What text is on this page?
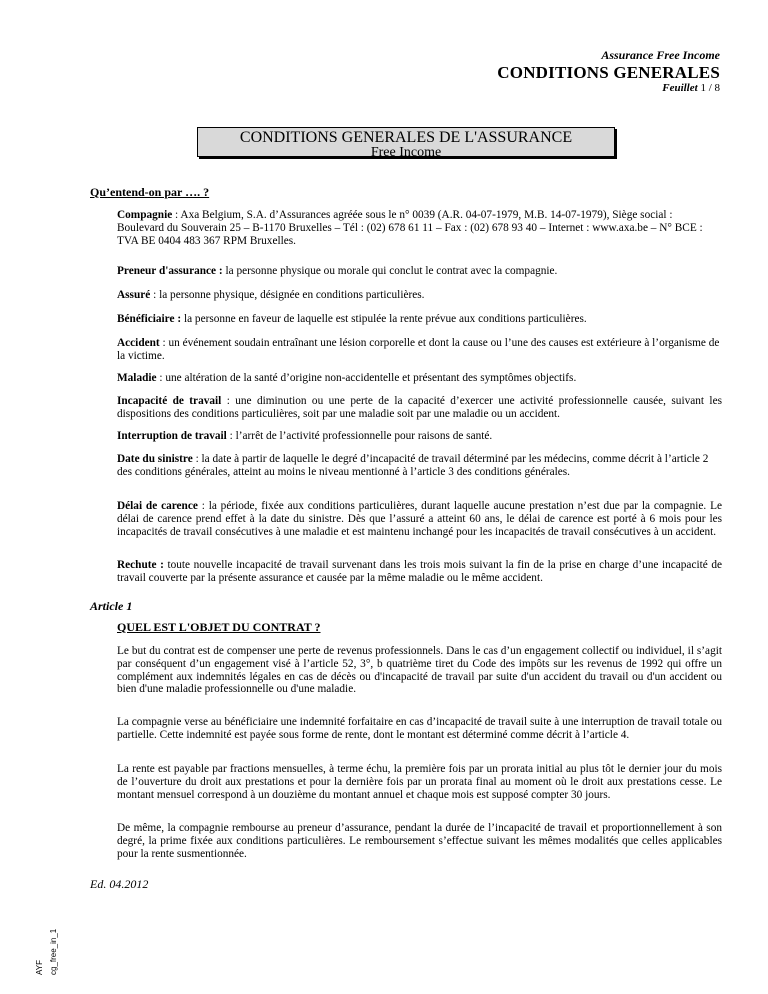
Assurance Free Income
CONDITIONS GENERALES
Feuillet 1 / 8
CONDITIONS GENERALES DE L'ASSURANCE
Free Income
Qu’entend-on par …. ?

Compagnie : Axa Belgium, S.A. d’Assurances agréée sous le n° 0039 (A.R. 04-07-1979, M.B. 14-07-1979), Siège social : Boulevard du Souverain 25 – B-1170 Bruxelles – Tél : (02) 678 61 11 – Fax : (02) 678 93 40 – Internet : www.axa.be – N° BCE : TVA BE 0404 483 367 RPM Bruxelles.

Preneur d'assurance : la personne physique ou morale qui conclut le contrat avec la compagnie.

Assuré : la personne physique, désignée en conditions particulières.

Bénéficiaire : la personne en faveur de laquelle est stipulée la rente prévue aux conditions particulières.

Accident : un événement soudain entraînant une lésion corporelle et dont la cause ou l’une des causes est extérieure à l’organisme de la victime.

Maladie : une altération de la santé d’origine non-accidentelle et présentant des symptômes objectifs.

Incapacité de travail : une diminution ou une perte de la capacité d’exercer une activité professionnelle causée, suivant les dispositions des conditions particulières, soit par une maladie soit par une maladie ou un accident.

Interruption de travail : l’arrêt de l’activité professionnelle pour raisons de santé.

Date du sinistre : la date à partir de laquelle le degré d’incapacité de travail déterminé par les médecins, comme décrit à l’article 2 des conditions générales, atteint au moins le niveau mentionné à l’article 3 des conditions générales.

Délai de carence : la période, fixée aux conditions particulières, durant laquelle aucune prestation n’est due par la compagnie. Le délai de carence prend effet à la date du sinistre. Dès que l’assuré a atteint 60 ans, le délai de carence est porté à 6 mois pour les incapacités de travail consécutives à une maladie et est maintenu inchangé pour les incapacités de travail consécutives à un accident.

Rechute : toute nouvelle incapacité de travail survenant dans les trois mois suivant la fin de la prise en charge d’une incapacité de travail couverte par la présente assurance et causée par la même maladie ou le même accident.

Article 1
QUEL EST L'OBJET DU CONTRAT ?

Le but du contrat est de compenser une perte de revenus professionnels. Dans le cas d’un engagement collectif ou individuel, il s’agit par conséquent d’un engagement visé à l’article 52, 3°, b quatrième tiret du Code des impôts sur les revenus de 1992 qui offre un complément aux indemnités légales en cas de décès ou d'incapacité de travail par suite d'un accident du travail ou d'un accident ou bien d'une maladie professionnelle ou d'une maladie.

La compagnie verse au bénéficiaire une indemnité forfaitaire en cas d’incapacité de travail suite à une interruption de travail totale ou partielle. Cette indemnité est payée sous forme de rente, dont le montant est déterminé comme décrit à l’article 4.

La rente est payable par fractions mensuelles, à terme échu, la première fois par un prorata initial au plus tôt le dernier jour du mois de l’ouverture du droit aux prestations et pour la dernière fois par un prorata final au moment où le droit aux prestations cesse. Le montant mensuel correspond à un douzième du montant annuel et chaque mois est supposé compter 30 jours.

De même, la compagnie rembourse au preneur d’assurance, pendant la durée de l’incapacité de travail et proportionnellement à son degré, la prime fixée aux conditions particulières. Le remboursement s’effectue suivant les mêmes modalités que celles applicables pour la rente susmentionnée.

Ed. 04.2012
AYF cg_free_in_1
